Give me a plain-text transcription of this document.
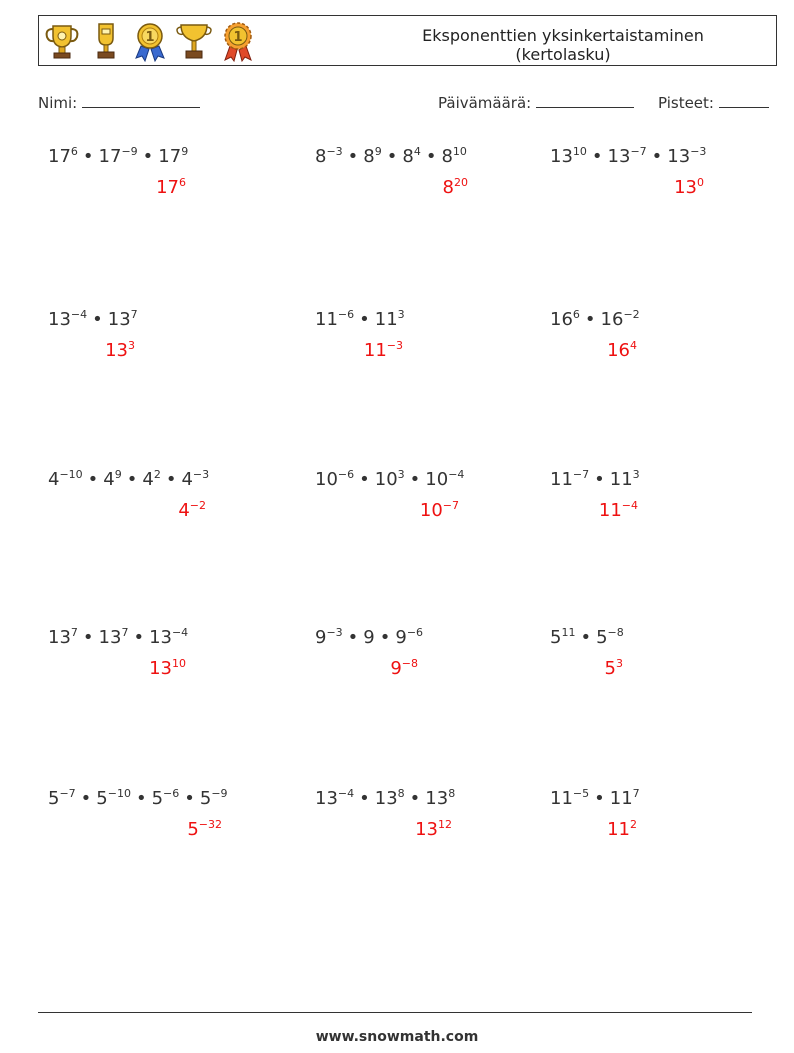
1	1	Eksponenttien yksinkertaistaminen
(kertolasku)
Nimi:	Päivämäärä:	Pisteet:
$17^6$ • $17^{-9}$ • $17^9$
$17^6$
$8^{-3}$ • $8^9$ • $8^4$ • $8^{10}$
$8^{20}$
$13^{10}$ • $13^{-7}$ • $13^{-3}$
$13^0$
$13^{-4}$ • $13^7$
$13^3$
$11^{-6}$ • $11^3$
$11^{-3}$
$16^6$ • $16^{-2}$
$16^4$
$4^{-10}$ • $4^9$ • $4^2$ • $4^{-3}$
$4^{-2}$
$10^{-6}$ • $10^3$ • $10^{-4}$
$10^{-7}$
$11^{-7}$ • $11^3$
$11^{-4}$
$13^7$ • $13^7$ • $13^{-4}$
$13^{10}$
$9^{-3}$ • 9 • $9^{-6}$
$9^{-8}$
$5^{11}$ • $5^{-8}$
$5^3$
$5^{-7}$ • $5^{-10}$ • $5^{-6}$ • $5^{-9}$
$5^{-32}$
$13^{-4}$ • $13^8$ • $13^8$
$13^{12}$
$11^{-5}$ • $11^7$
$11^2$
www.snowmath.com
